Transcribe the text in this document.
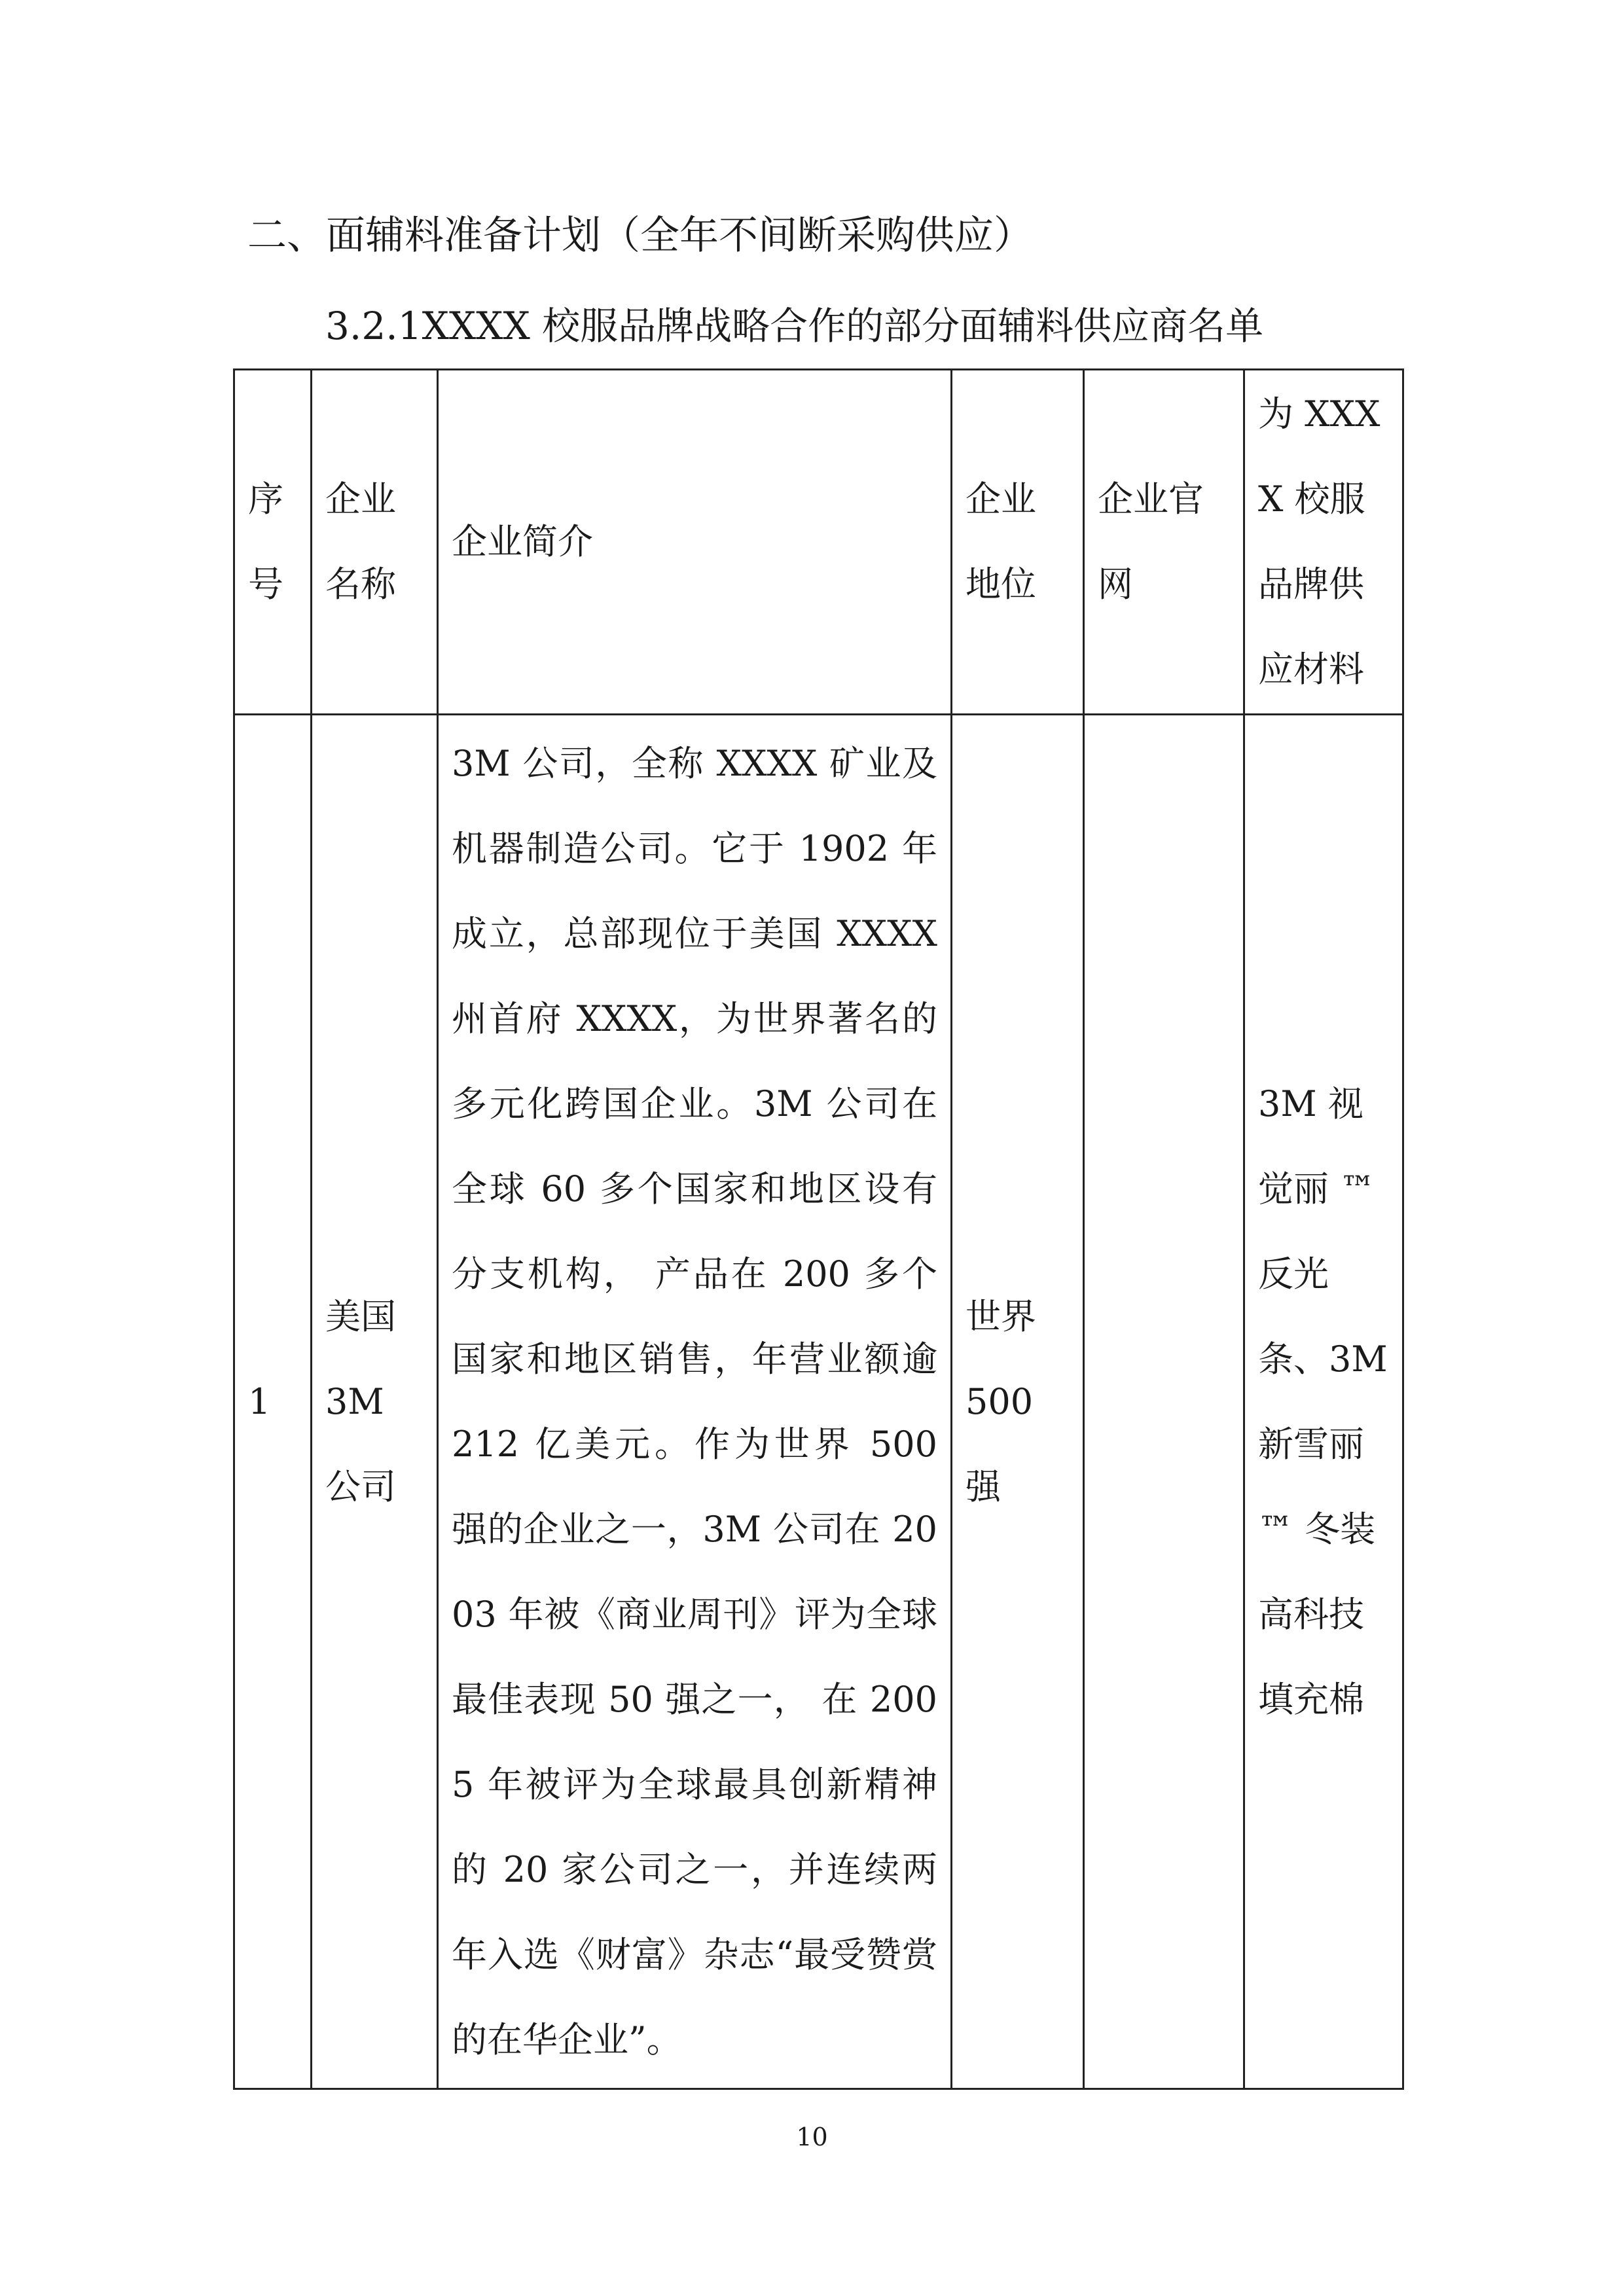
二、面辅料准备计划（全年不间断采购供应）
3.2.1XXXX 校服品牌战略合作的部分面辅料供应商名单
序号	企业名称	企业简介	企业地位	企业官网	为 XXXX 校服品牌供应材料
1	美国 3M 公司	3M 公司，全称 XXXX 矿业及机器制造公司。它于 1902 年成立，总部现位于美国 XXXX 州首府 XXXX，为世界著名的多元化跨国企业。3M 公司在全球 60 多个国家和地区设有分支机构， 产品在 200 多个国家和地区销售，年营业额逾 212 亿美元。作为世界 500 强的企业之一，3M 公司在 2003 年被《商业周刊》评为全球最佳表现 50 强之一， 在 2005 年被评为全球最具创新精神的 20 家公司之一，并连续两年入选《财富》杂志“最受赞赏的在华企业”。	世界 500 强		3M 视觉丽 ™ 反光条、3M 新雪丽 ™ 冬装高科技填充棉
10
